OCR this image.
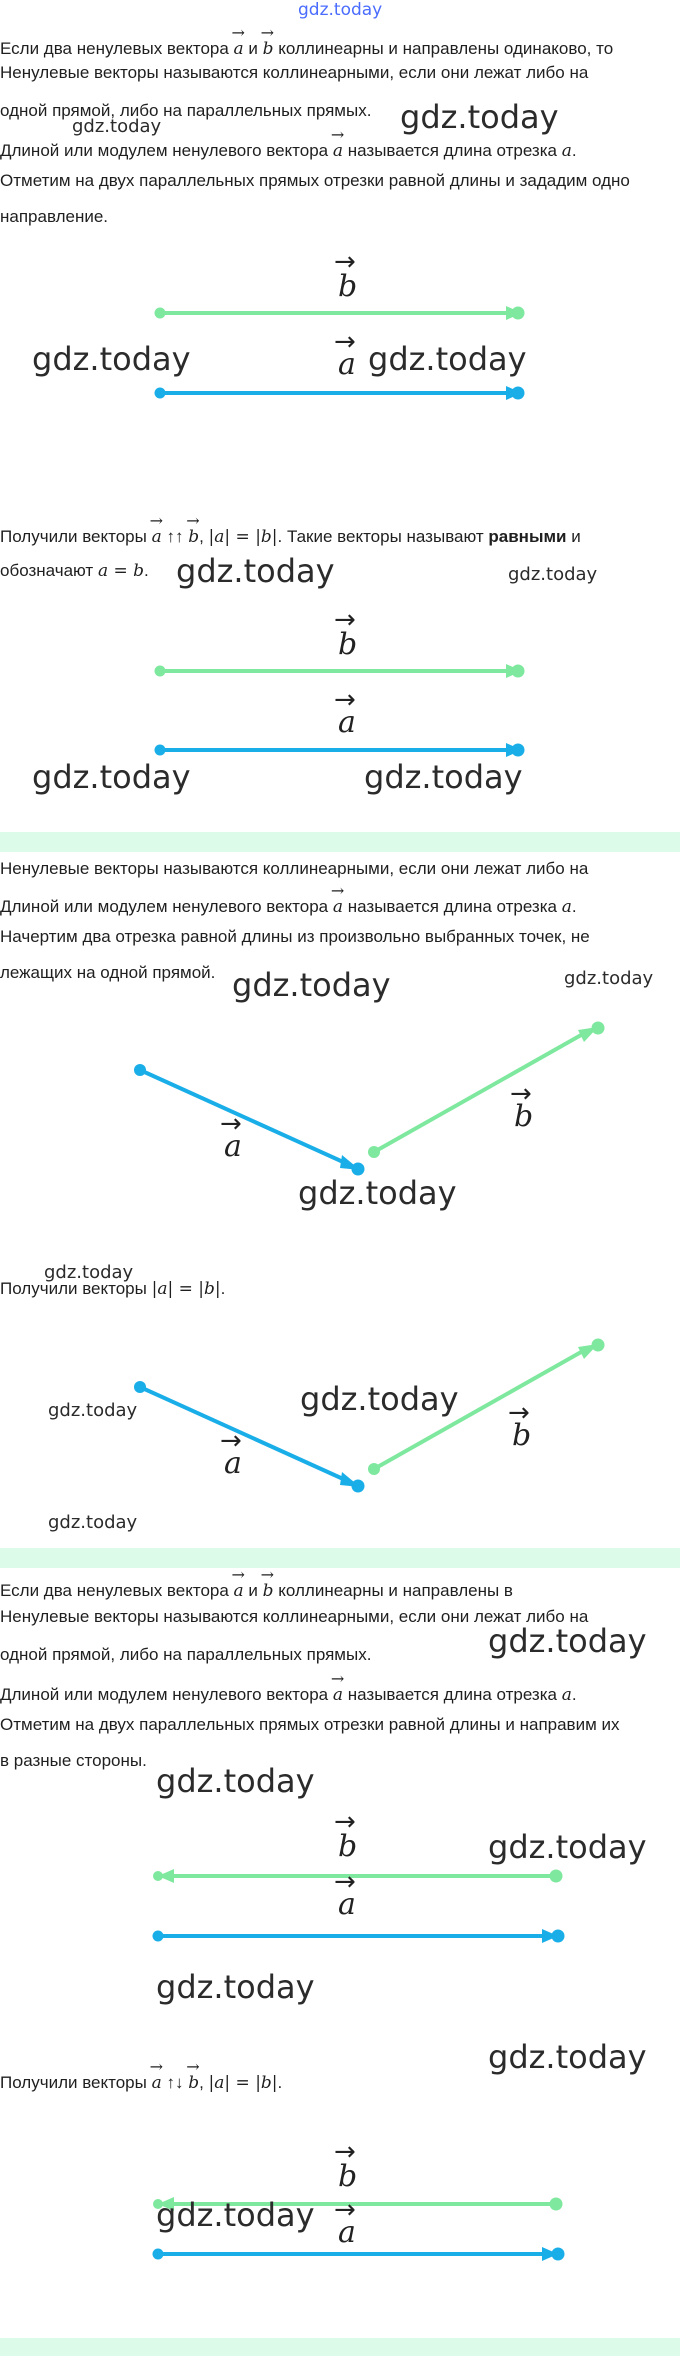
gdz.today
Если два ненулевых вектора → a и → b коллинеарны и направлены одинаково, то
Ненулевые векторы называются коллинеарными, если они лежат либо на
одной прямой, либо на параллельных прямых.
gdz.today	gdz.today
Длиной или модулем ненулевого вектора → a называется длина отрезка a.
Отметим на двух параллельных прямых отрезки равной длины и зададим одно
направление.
b
→
a
→
gdz.today	gdz.today
Получили векторы → a ↑↑ → b, |a| = |b|. Такие векторы называют равными и
обозначают a = b. gdz.today	gdz.today
b
→
a
→
gdz.today	gdz.today
Ненулевые векторы называются коллинеарными, если они лежат либо на
Длиной или модулем ненулевого вектора → a называется длина отрезка a.
Начертим два отрезка равной длины из произвольно выбранных точек, не
лежащих на одной прямой. gdz.today	gdz.today
a
→	b
→
gdz.today
gdz.today
Получили векторы |a| = |b|.
a
→	b
→
gdz.today	gdz.today
gdz.today
Если два ненулевых вектора → a и → b коллинеарны и направлены в
Ненулевые векторы называются коллинеарными, если они лежат либо на
gdz.today
одной прямой, либо на параллельных прямых.
Длиной или модулем ненулевого вектора → a называется длина отрезка a.
Отметим на двух параллельных прямых отрезки равной длины и направим их
в разные стороны.
gdz.today
b
→
a
→
gdz.today
gdz.today
gdz.today
Получили векторы → a ↑↓ → b, |a| = |b|.
b
→
a
→
gdz.today
